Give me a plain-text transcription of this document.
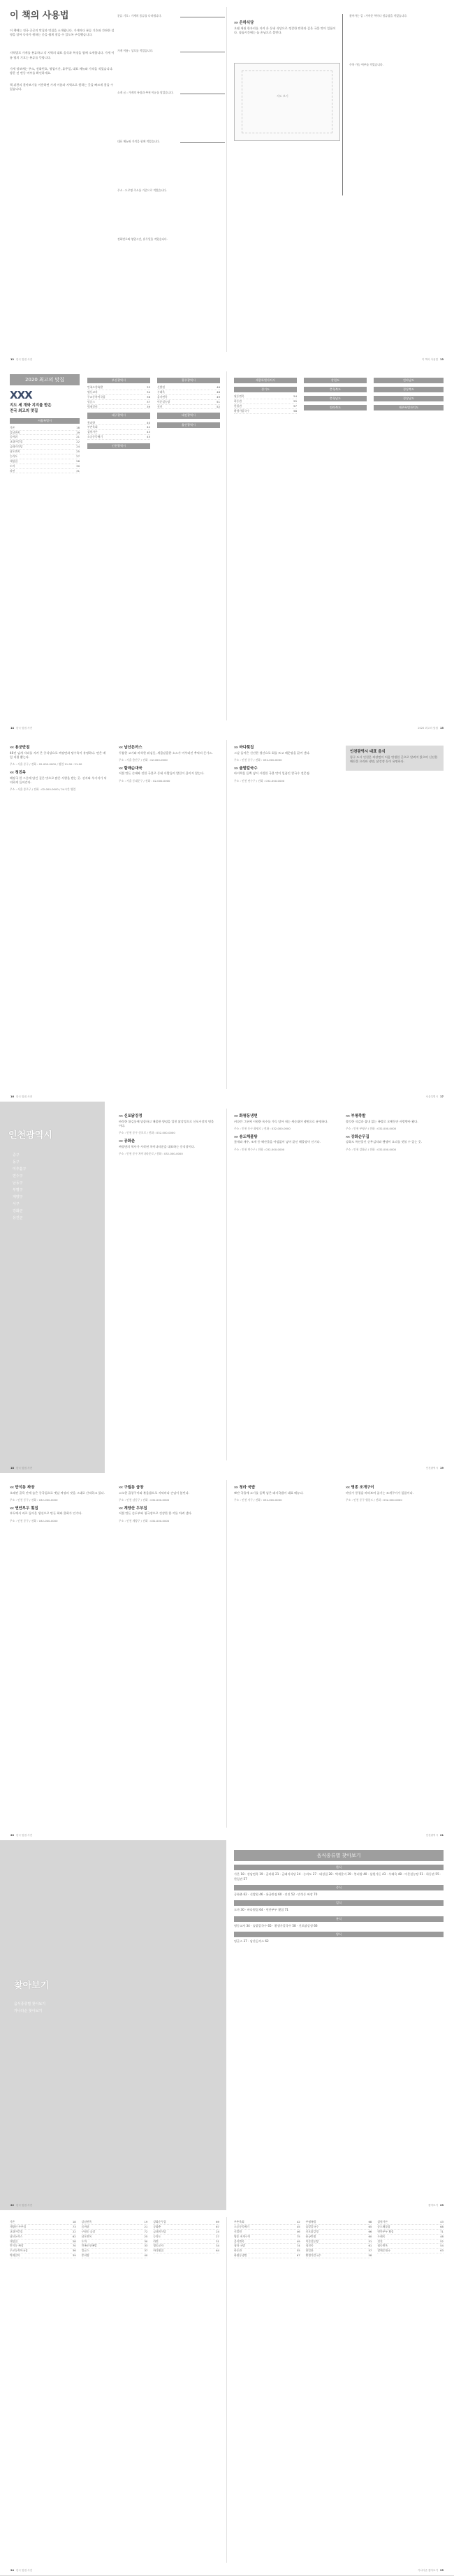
이 책의 사용법
이 책에는 전국 곳곳의 맛집과 멋집을 소개합니다. 가게마다 분류 기호와 간단한 설명을 담아 독자가 원하는 곳을 쉽게 찾을 수 있도록 구성했습니다.
지역별로 가게를 분류하고 각 지역의 대표 음식과 특징을 함께 소개합니다. 가게 이름 옆의 기호는 분류를 뜻합니다.
가게 정보에는 주소, 전화번호, 영업시간, 휴무일, 대표 메뉴와 가격을 적었습니다. 방문 전 변동 여부를 확인하세요.
책 뒤편의 찾아보기를 이용하면 가게 이름과 지역으로 원하는 곳을 빠르게 찾을 수 있습니다.
분류 기호 : 가게의 종류를 나타냅니다.
가게 이름 : 상호를 적었습니다.
소개 글 : 가게의 특징과 추천 이유를 담았습니다.
대표 메뉴와 가격을 함께 적었습니다.
주소 : 도로명 주소를 기준으로 적었습니다.
전화번호와 영업시간, 휴무일을 적었습니다.
✕✕ 은하식당
오랜 세월 한자리를 지켜 온 동네 식당으로 정갈한 반찬과 깊은 국물 맛이 일품이다. 점심시간에는 늘 손님으로 붐빈다.
지도 보기
찾아가는 길 : 가까운 역이나 정류장을 적었습니다.
주차 가능 여부를 적었습니다.
12 한국 맛집 사전	이 책의 사용법 13
2020 최고의 맛집
XXX
지도 세 개와 지지를 받은
전국 최고의 맛집
서울특별시
가온	18
강남면옥	19
곰바위	21
교대이층집	22
금돼지식당	24
남포면옥	25
능라도	27
대성집	28
도마	30
라연	31
부산광역시
만족오향족발	33
명동교자	34
무교동북어국집	36
밍글스	37
벽제갈비	39
대구광역시
봉피양	40
부촌육회	42
삼원가든	43
소공동뚝배기	45
인천광역시
광주광역시
신발원	46
우래옥	48
을지면옥	49
이문설농탕	51
진진	52
대전광역시
울산광역시
세종특별자치시
경기도
필동면옥	54
하동관	55
한일관	57
황생가칼국수	58
강원도
충청북도
충청남도
전라북도
전라남도
경상북도
경상남도
제주특별자치도
14 한국 맛집 사전	2020 최고의 맛집 15
✕✕ 용궁반점
40년 넘게 자리를 지켜 온 중식당으로 짜장면과 탕수육이 유명하다. 면은 매일 직접 뽑는다.
주소 : 서울 중구 / 전화 : 02-000-0000 / 영업 11:00~21:00
✕✕ 청진옥
해장국 한 그릇에 담긴 깊은 맛으로 많은 사랑을 받는 곳. 선지와 우거지가 넉넉하게 들어간다.
주소 : 서울 종로구 / 전화 : 02-000-0000 / 24시간 영업
✕✕ 남산돈까스
두툼한 고기와 바삭한 튀김옷, 새콤달콤한 소스가 어우러진 추억의 돈가스.
주소 : 서울 용산구 / 전화 : 02-000-0000
✕✕ 할매순대국
직접 만든 순대와 진한 국물로 동네 사람들의 발길이 끊이지 않는다.
주소 : 서울 동대문구 / 전화 : 02-000-0000
✕✕ 바다횟집
그날 들어온 신선한 생선으로 회를 뜨고 매운탕을 끓여 낸다.
주소 : 인천 중구 / 전화 : 032-000-0000
✕✕ 솔밭칼국수
바지락을 듬뿍 넣어 시원한 국물 맛이 일품인 칼국수 전문점.
주소 : 인천 연수구 / 전화 : 032-000-0000
인천광역시 대표 음식
항구 도시 인천은 짜장면이 처음 탄생한 곳으로 알려져 있으며 신선한 해산물 요리와 냉면, 닭강정 등이 유명하다.
16 한국 맛집 사전	서울특별시 17
인천광역시
중구
동구
미추홀구
연수구
남동구
부평구
계양구
서구
강화군
옹진군
✕✕ 신포닭강정
바삭한 튀김옷에 달콤하고 매콤한 양념을 입힌 닭강정으로 신포시장의 명물이다.
주소 : 인천 중구 신포로 / 전화 : 032-000-0000
✕✕ 공화춘
짜장면의 역사가 시작된 차이나타운을 대표하는 중식당이다.
주소 : 인천 중구 차이나타운로 / 전화 : 032-000-0000
✕✕ 화평동냉면
커다란 그릇에 시원한 육수를 가득 담아 내는 세숫대야 냉면으로 유명하다.
주소 : 인천 동구 화평로 / 전화 : 032-000-0000
✕✕ 송도해물탕
꽃게와 새우, 조개 등 해산물을 아낌없이 넣어 끓인 해물탕이 인기다.
주소 : 인천 연수구 / 전화 : 032-000-0000
✕✕ 부평족발
쫄깃한 식감과 잡내 없는 족발로 오랫동안 사랑받아 왔다.
주소 : 인천 부평구 / 전화 : 032-000-0000
✕✕ 강화순무집
강화도 특산물인 순무김치와 밴댕이 요리를 맛볼 수 있는 곳.
주소 : 인천 강화군 / 전화 : 032-000-0000
18 한국 맛집 사전	인천광역시 19
✕✕ 만석동 짜장
오래된 골목 안에 숨은 중국집으로 옛날 짜장의 맛을 그대로 간직하고 있다.
주소 : 인천 동구 / 전화 : 032-000-0000
✕✕ 연안부두 횟집
부두에서 바로 들어온 생선으로 만든 회와 물회가 인기다.
주소 : 인천 중구 / 전화 : 032-000-0000
✕✕ 구월동 곱창
고소한 곱창구이와 볶음밥으로 저녁마다 손님이 붐빈다.
주소 : 인천 남동구 / 전화 : 032-000-0000
✕✕ 계양산 두부집
직접 만든 손두부와 청국장으로 건강한 한 끼를 차려 낸다.
주소 : 인천 계양구 / 전화 : 032-000-0000
✕✕ 청라 국밥
뽀얀 국물에 고기를 듬뿍 넣은 돼지국밥이 대표 메뉴다.
주소 : 인천 서구 / 전화 : 032-000-0000
✕✕ 영종 조개구이
바닷가 풍경을 바라보며 즐기는 조개구이가 일품이다.
주소 : 인천 중구 영종도 / 전화 : 032-000-0000
20 한국 맛집 사전	인천광역시 21
찾아보기
음식종류별 찾아보기
가나다순 찾아보기
음식종류별 찾아보기
한식
가온 18 · 강남면옥 19 · 곰바위 21 · 금돼지식당 24 · 능라도 27 · 대성집 28 · 벽제갈비 39 · 봉피양 40 · 삼원가든 43 · 우래옥 48 · 이문설농탕 51 · 하동관 55 · 한일관 57
중식
공화춘 62 · 신발원 46 · 용궁반점 60 · 진진 52 · 만석동 짜장 70
일식
도마 30 · 바다횟집 64 · 연안부두 횟집 71
분식
명동교자 34 · 솔밭칼국수 65 · 황생가칼국수 58 · 신포닭강정 66
양식
밍글스 37 · 남산돈까스 62
22 한국 맛집 사전	찾아보기 23
가온	18 강남면옥	19 강화순무집	69
계양산 두부집	73 곰바위	21 공화춘	67
교대이층집	22 구월동 곱창	72 금돼지식당	24
남산돈까스	62 남포면옥	25 능라도	27
대성집	28 도마	30 라연	31
만석동 짜장	70 만족오향족발	33 명동교자	34
무교동북어국집	36 밍글스	37 바다횟집	64
벽제갈비	39 봉피양	40
부촌육회	42 부평족발	68 삼원가든	43
소공동뚝배기	45 솔밭칼국수	65 송도해물탕	68
신발원	46 신포닭강정	66 연안부두 횟집	71
영종 조개구이	75 용궁반점	60 우래옥	48
을지면옥	49 이문설농탕	51 진진	52
청라 국밥	74 청진옥	61 필동면옥	54
하동관	55 한일관	57 할매순대국	63
화평동냉면	67 황생가칼국수	58
24 한국 맛집 사전	가나다순 찾아보기 25
